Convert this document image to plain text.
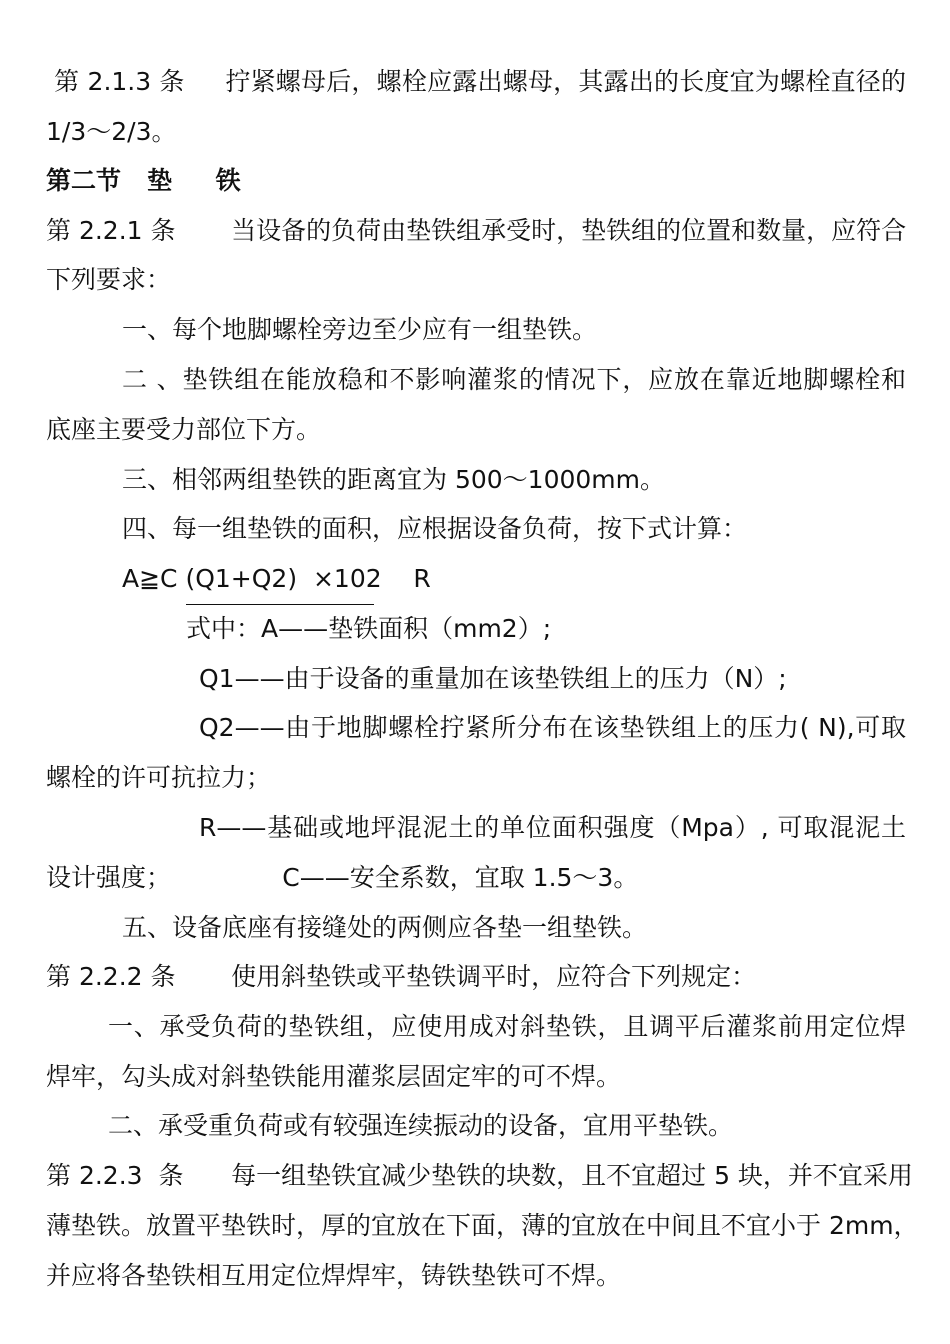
第 2.1.3 条     拧紧螺母后，螺栓应露出螺母，其露出的长度宜为螺栓直径的
1/3～2/3。
第二节   垫     铁
第 2.2.1 条       当设备的负荷由垫铁组承受时，垫铁组的位置和数量，应符合
下列要求：
一、每个地脚螺栓旁边至少应有一组垫铁。
二 、垫铁组在能放稳和不影响灌浆的情况下，应放在靠近地脚螺栓和
底座主要受力部位下方。
三、相邻两组垫铁的距离宜为 500～1000mm。
四、每一组垫铁的面积，应根据设备负荷，按下式计算：
A≧C (Q1+Q2)  ×102    R
式中：A——垫铁面积（mm2）;
Q1——由于设备的重量加在该垫铁组上的压力（N）;
Q2——由于地脚螺栓拧紧所分布在该垫铁组上的压力( N),可取
螺栓的许可抗拉力；
R——基础或地坪混泥土的单位面积强度（Mpa）, 可取混泥土
设计强度；              C——安全系数，宜取 1.5～3。
五、设备底座有接缝处的两侧应各垫一组垫铁。
第 2.2.2 条       使用斜垫铁或平垫铁调平时，应符合下列规定：
一、承受负荷的垫铁组，应使用成对斜垫铁，且调平后灌浆前用定位焊
焊牢，勾头成对斜垫铁能用灌浆层固定牢的可不焊。
二、承受重负荷或有较强连续振动的设备，宜用平垫铁。
第 2.2.3  条      每一组垫铁宜减少垫铁的块数，且不宜超过 5 块，并不宜采用
薄垫铁。放置平垫铁时，厚的宜放在下面，薄的宜放在中间且不宜小于 2mm，
并应将各垫铁相互用定位焊焊牢，铸铁垫铁可不焊。
